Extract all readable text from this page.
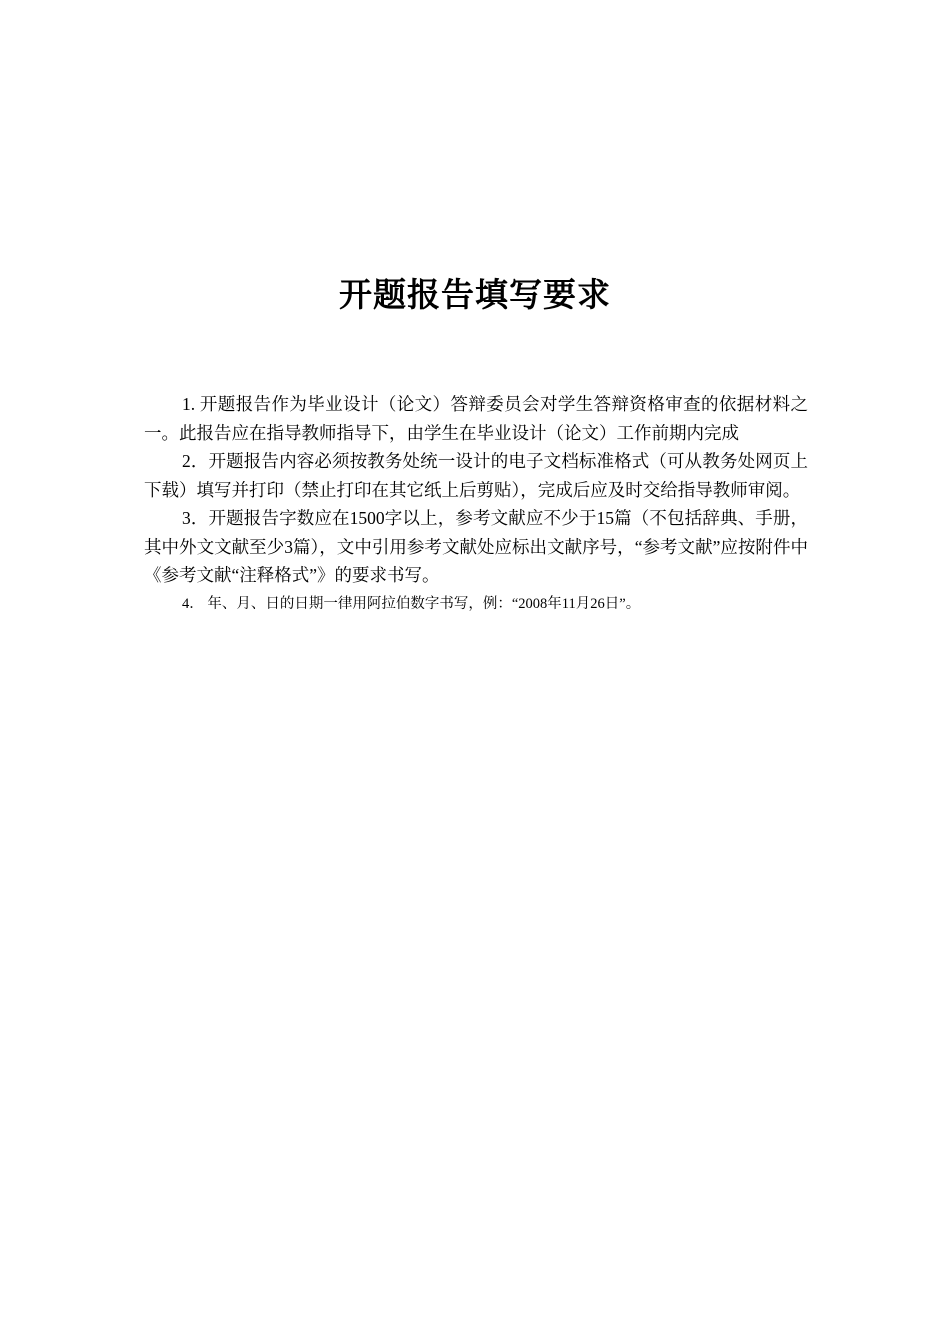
开题报告填写要求

1. 开题报告作为毕业设计（论文）答辩委员会对学生答辩资格审查的依据材料之一。此报告应在指导教师指导下，由学生在毕业设计（论文）工作前期内完成

2．开题报告内容必须按教务处统一设计的电子文档标准格式（可从教务处网页上下载）填写并打印（禁止打印在其它纸上后剪贴），完成后应及时交给指导教师审阅。

3．开题报告字数应在1500字以上，参考文献应不少于15篇（不包括辞典、手册，其中外文文献至少3篇），文中引用参考文献处应标出文献序号，“参考文献”应按附件中《参考文献“注释格式”》的要求书写。

4． 年、月、日的日期一律用阿拉伯数字书写，例：“2008年11月26日”。
